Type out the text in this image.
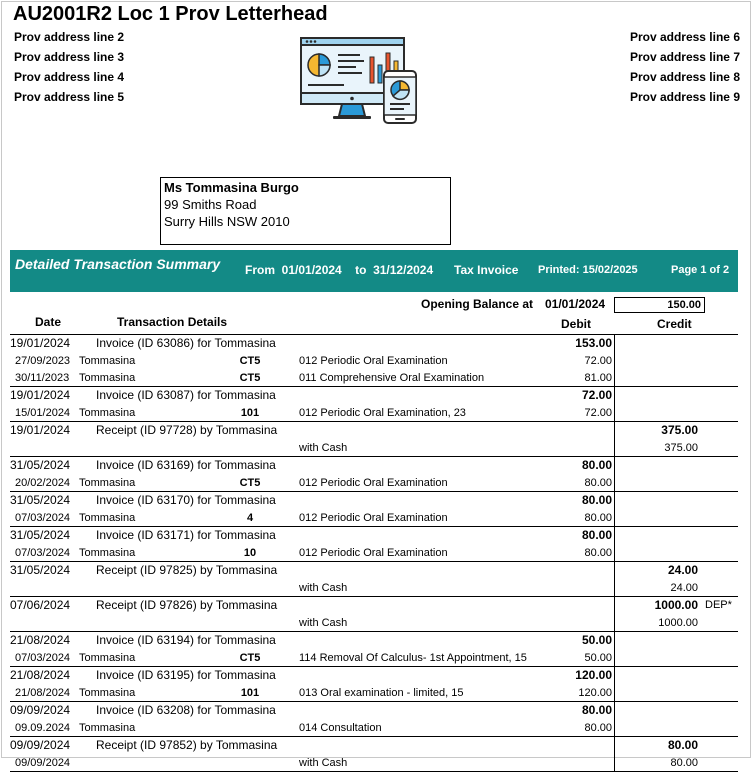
AU2001R2 Loc 1 Prov Letterhead
Prov address line 2
Prov address line 3
Prov address line 4
Prov address line 5
Prov address line 6
Prov address line 7
Prov address line 8
Prov address line 9
Ms Tommasina Burgo
99 Smiths Road
Surry Hills NSW 2010
Detailed Transaction Summary From 01/01/2024 to 31/12/2024 Tax Invoice Printed: 15/02/2025	Page 1 of 2
Opening Balance at 01/01/2024	150.00
Date	Transaction Details	Debit	Credit
19/01/2024 Invoice (ID 63086) for Tommasina	153.00
27/09/2023 Tommasina	CT5	012 Periodic Oral Examination	72.00
30/11/2023 Tommasina	CT5	011 Comprehensive Oral Examination	81.00
19/01/2024 Invoice (ID 63087) for Tommasina	72.00
15/01/2024 Tommasina	101	012 Periodic Oral Examination, 23	72.00
19/01/2024 Receipt (ID 97728) by Tommasina	375.00
with Cash	375.00
31/05/2024 Invoice (ID 63169) for Tommasina	80.00
20/02/2024 Tommasina	CT5	012 Periodic Oral Examination	80.00
31/05/2024 Invoice (ID 63170) for Tommasina	80.00
07/03/2024 Tommasina	4	012 Periodic Oral Examination	80.00
31/05/2024 Invoice (ID 63171) for Tommasina	80.00
07/03/2024 Tommasina	10	012 Periodic Oral Examination	80.00
31/05/2024 Receipt (ID 97825) by Tommasina	24.00
with Cash	24.00
07/06/2024 Receipt (ID 97826) by Tommasina	1000.00 DEP*
with Cash	1000.00
21/08/2024 Invoice (ID 63194) for Tommasina	50.00
07/03/2024 Tommasina	CT5	114 Removal Of Calculus- 1st Appointment, 15	50.00
21/08/2024 Invoice (ID 63195) for Tommasina	120.00
21/08/2024 Tommasina	101	013 Oral examination - limited, 15	120.00
09/09/2024 Invoice (ID 63208) for Tommasina	80.00
09.09.2024 Tommasina	014 Consultation	80.00
09/09/2024 Receipt (ID 97852) by Tommasina	80.00
09/09/2024	with Cash	80.00
